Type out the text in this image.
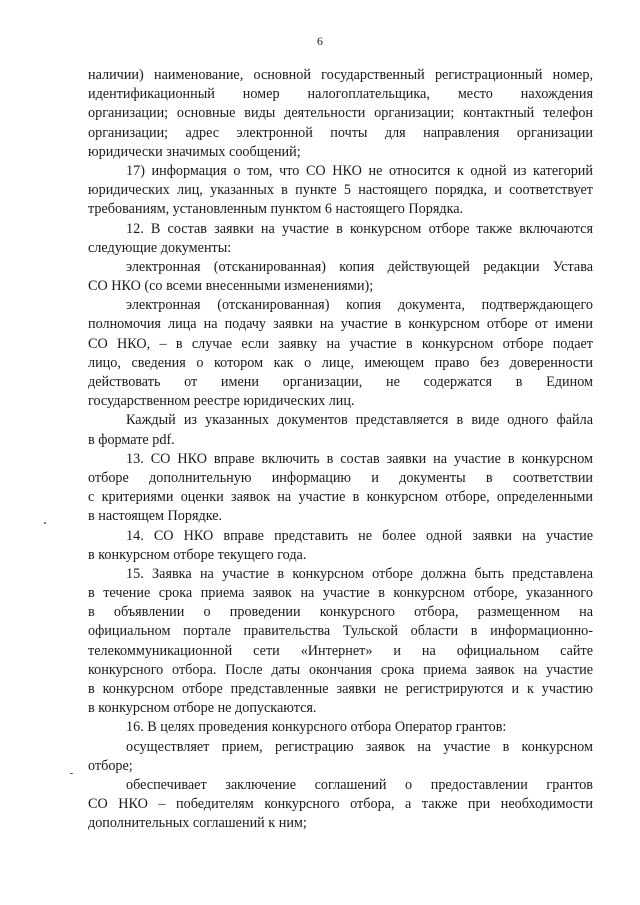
6
наличии) наименование, основной государственный регистрационный номер,
идентификационный номер налогоплательщика, место нахождения
организации; основные виды деятельности организации; контактный телефон
организации; адрес электронной почты для направления организации
юридически значимых сообщений;
17) информация о том, что СО НКО не относится к одной из категорий
юридических лиц, указанных в пункте 5 настоящего порядка, и соответствует
требованиям, установленным пунктом 6 настоящего Порядка.
12. В состав заявки на участие в конкурсном отборе также включаются
следующие документы:
электронная (отсканированная) копия действующей редакции Устава
СО НКО (со всеми внесенными изменениями);
электронная (отсканированная) копия документа, подтверждающего
полномочия лица на подачу заявки на участие в конкурсном отборе от имени
СО НКО, – в случае если заявку на участие в конкурсном отборе подает
лицо, сведения о котором как о лице, имеющем право без доверенности
действовать от имени организации, не содержатся в Едином
государственном реестре юридических лиц.
Каждый из указанных документов представляется в виде одного файла
в формате pdf.
13. СО НКО вправе включить в состав заявки на участие в конкурсном
отборе дополнительную информацию и документы в соответствии
с критериями оценки заявок на участие в конкурсном отборе, определенными
в настоящем Порядке.
14. СО НКО вправе представить не более одной заявки на участие
в конкурсном отборе текущего года.
15. Заявка на участие в конкурсном отборе должна быть представлена
в течение срока приема заявок на участие в конкурсном отборе, указанного
в объявлении о проведении конкурсного отбора, размещенном на
официальном портале правительства Тульской области в информационно-
телекоммуникационной сети «Интернет» и на официальном сайте
конкурсного отбора. После даты окончания срока приема заявок на участие
в конкурсном отборе представленные заявки не регистрируются и к участию
в конкурсном отборе не допускаются.
16. В целях проведения конкурсного отбора Оператор грантов:
осуществляет прием, регистрацию заявок на участие в конкурсном
отборе;
обеспечивает заключение соглашений о предоставлении грантов
СО НКО – победителям конкурсного отбора, а также при необходимости
дополнительных соглашений к ним;
